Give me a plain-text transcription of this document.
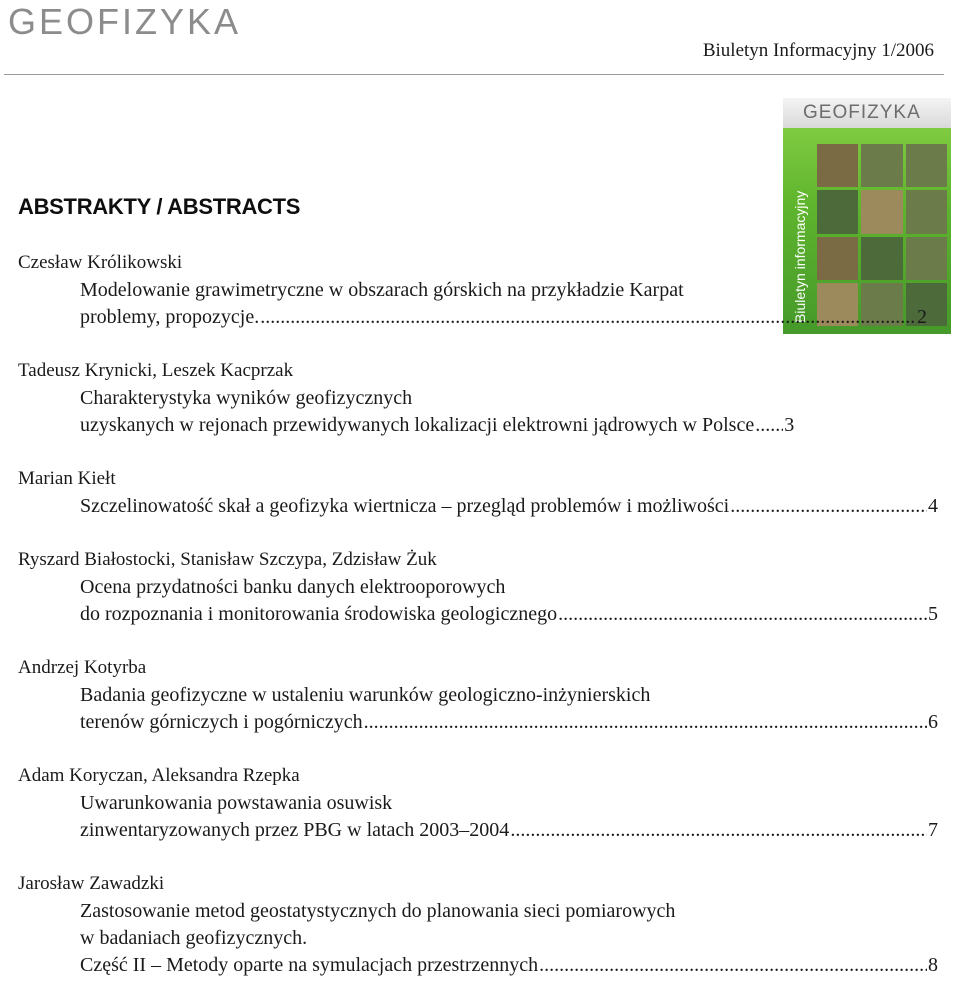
GEOFIZYKA
Biuletyn Informacyjny 1/2006
GEOFIZYKA
Biuletyn informacyjny
ABSTRAKTY / ABSTRACTS
Czesław Królikowski
Modelowanie grawimetryczne w obszarach górskich na przykładzie Karpat
problemy, propozycje. .....	2
Tadeusz Krynicki, Leszek Kacprzak
Charakterystyka wyników geofizycznych
uzyskanych w rejonach przewidywanych lokalizacji elektrowni jądrowych w Polsce ..... 3
Marian Kiełt
Szczelinowatość skał a geofizyka wiertnicza – przegląd problemów i możliwości .....	4
Ryszard Białostocki, Stanisław Szczypa, Zdzisław Żuk
Ocena przydatności banku danych elektrooporowych
do rozpoznania i monitorowania środowiska geologicznego .....	5
Andrzej Kotyrba
Badania geofizyczne w ustaleniu warunków geologiczno-inżynierskich
terenów górniczych i pogórniczych .....	6
Adam Koryczan, Aleksandra Rzepka
Uwarunkowania powstawania osuwisk
zinwentaryzowanych przez PBG w latach 2003–2004 .....	7
Jarosław Zawadzki
Zastosowanie metod geostatystycznych do planowania sieci pomiarowych
w badaniach geofizycznych.
Część II – Metody oparte na symulacjach przestrzennych .....	8
